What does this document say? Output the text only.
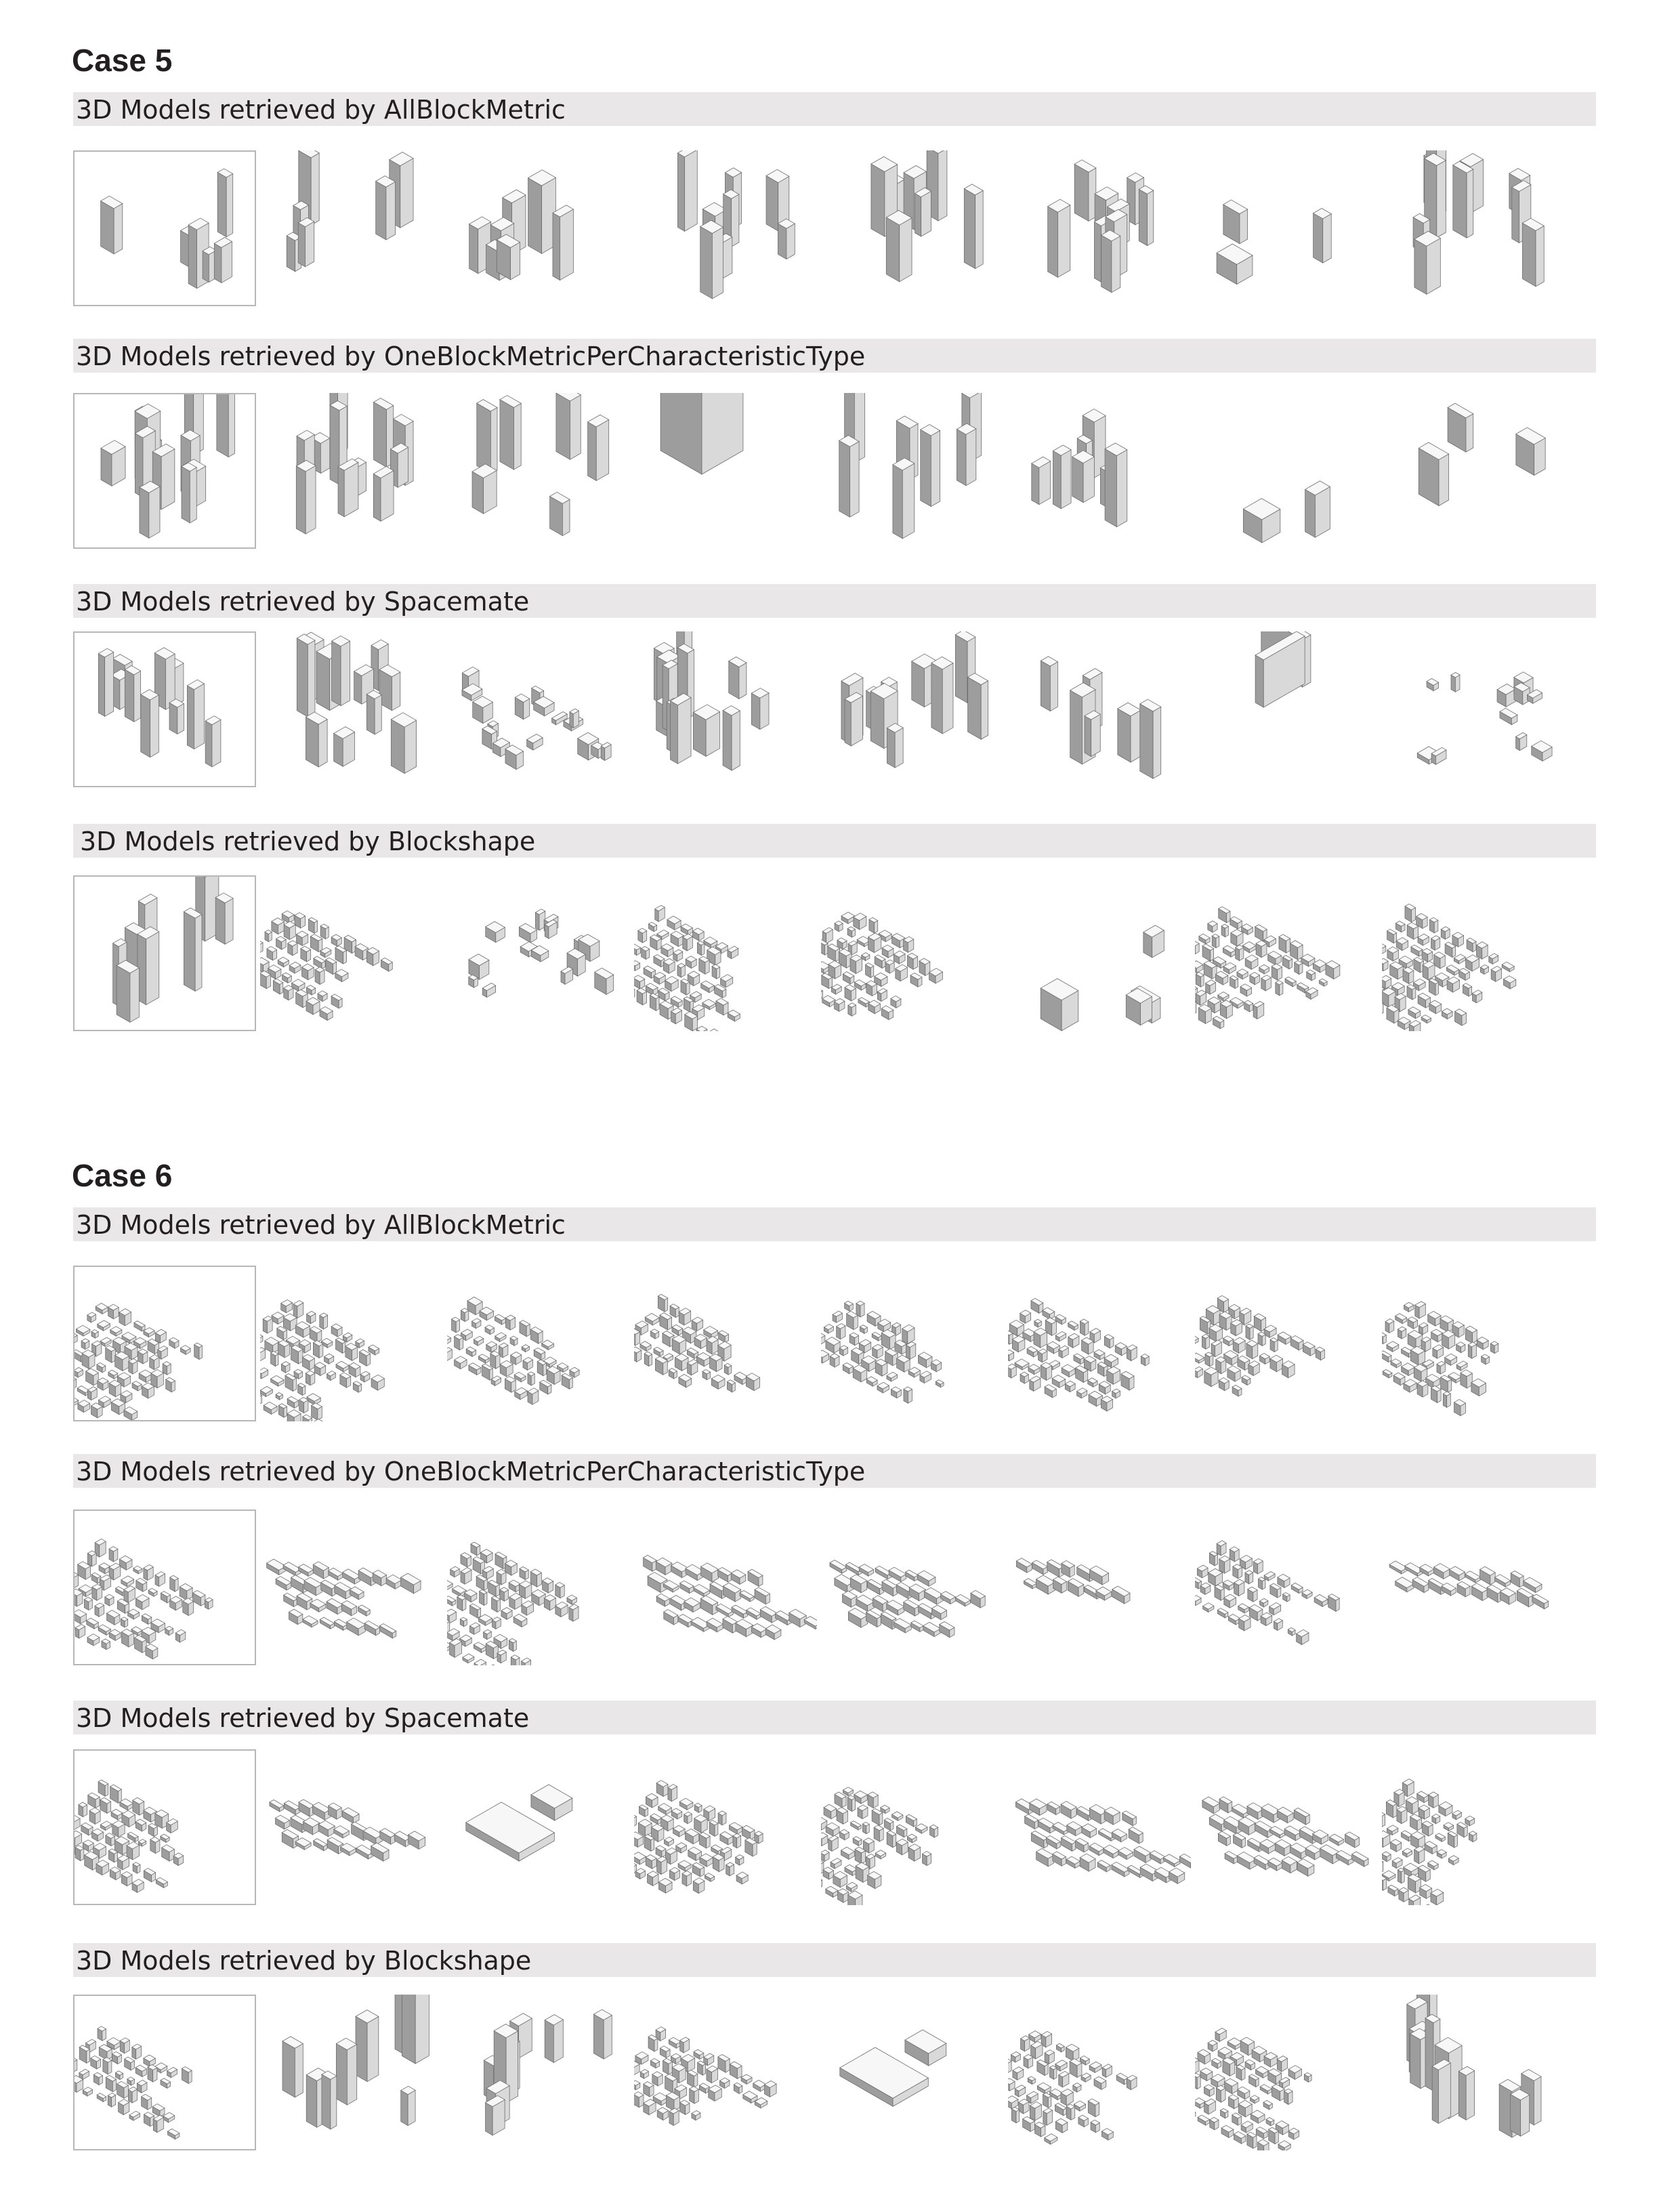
Case 5
3D Models retrieved by AllBlockMetric
3D Models retrieved by OneBlockMetricPerCharacteristicType
3D Models retrieved by Spacemate
3D Models retrieved by Blockshape
Case 6
3D Models retrieved by AllBlockMetric
3D Models retrieved by OneBlockMetricPerCharacteristicType
3D Models retrieved by Spacemate
3D Models retrieved by Blockshape
